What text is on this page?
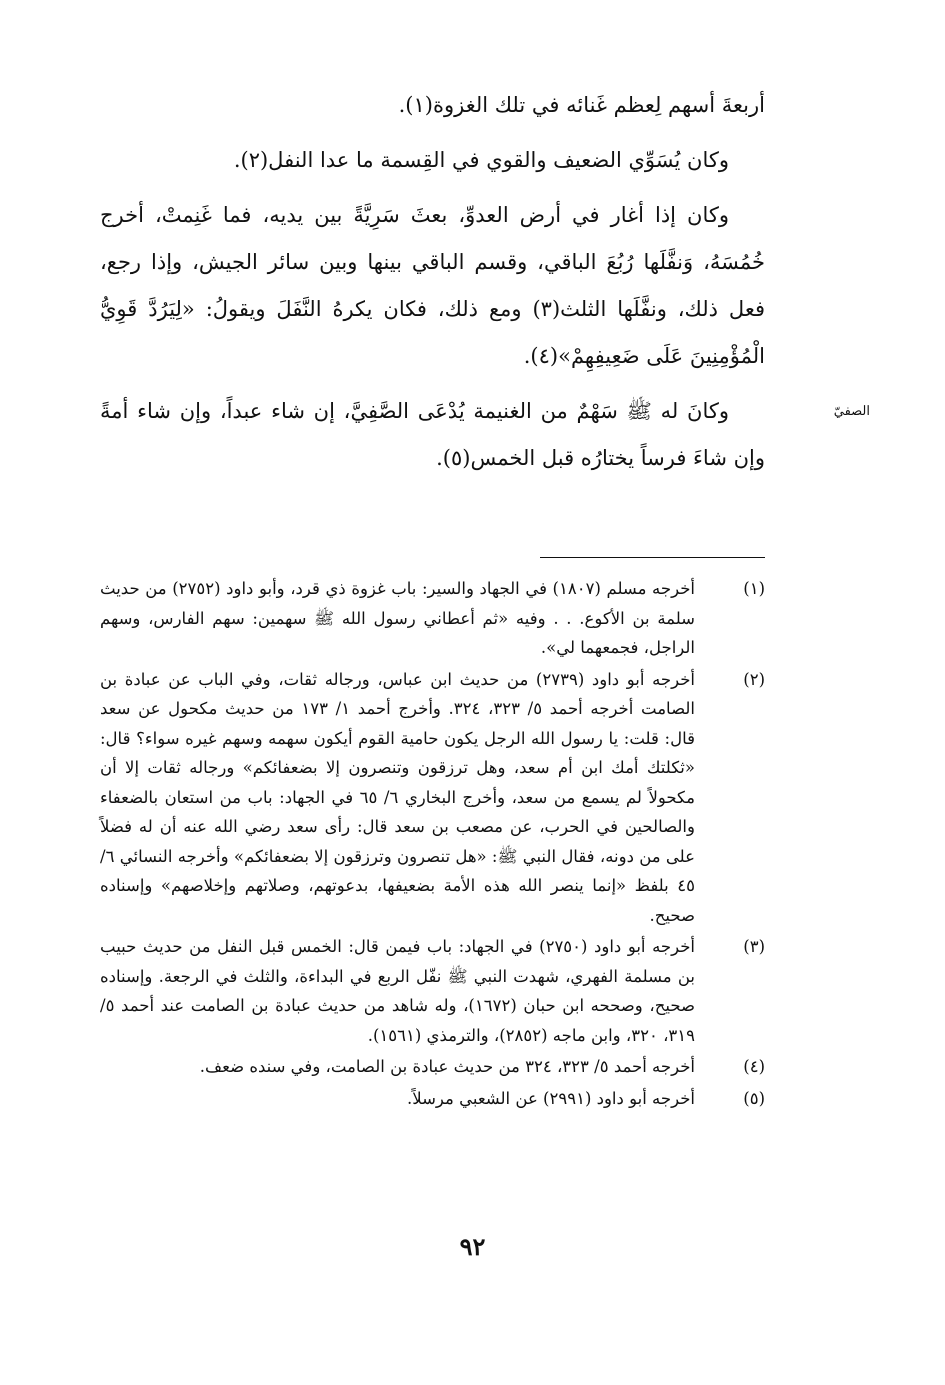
أربعةَ أسهم لِعظم غَنائه في تلك الغزوة(١).

وكان يُسَوِّي الضعيف والقوي في القِسمة ما عدا النفل(٢).

وكان إذا أغار في أرض العدوِّ، بعثَ سَرِيَّةً بين يديه، فما غَنِمتْ، أخرج خُمُسَهُ، وَنفَّلَها رُبُعَ الباقي، وقسم الباقي بينها وبين سائر الجيش، وإذا رجع، فعل ذلك، ونفَّلَها الثلث(٣) ومع ذلك، فكان يكرهُ النَّفَلَ ويقولُ: «لِيَرُدَّ قَوِيُّ الْمُؤْمِنِينَ عَلَى ضَعِيفِهِمْ»(٤).

وكانَ له ﷺ سَهْمٌ من الغنيمة يُدْعَى الصَّفِيَّ، إن شاء عبداً، وإن شاء أمةً وإن شاءَ فرساً يختارُه قبل الخمس(٥).

الصفيّ
(١)
أخرجه مسلم (١٨٠٧) في الجهاد والسير: باب غزوة ذي قرد، وأبو داود (٢٧٥٢) من حديث سلمة بن الأكوع. . . وفيه «ثم أعطاني رسول الله ﷺ سهمين: سهم الفارس، وسهم الراجل، فجمعهما لي».
(٢)
أخرجه أبو داود (٢٧٣٩) من حديث ابن عباس، ورجاله ثقات، وفي الباب عن عبادة بن الصامت أخرجه أحمد ٥/ ٣٢٣، ٣٢٤. وأخرج أحمد ١/ ١٧٣ من حديث مكحول عن سعد قال: قلت: يا رسول الله الرجل يكون حامية القوم أيكون سهمه وسهم غيره سواء؟ قال: «ثكلتك أمك ابن أم سعد، وهل ترزقون وتنصرون إلا بضعفائكم» ورجاله ثقات إلا أن مكحولاً لم يسمع من سعد، وأخرج البخاري ٦/ ٦٥ في الجهاد: باب من استعان بالضعفاء والصالحين في الحرب، عن مصعب بن سعد قال: رأى سعد رضي الله عنه أن له فضلاً على من دونه، فقال النبي ﷺ: «هل تنصرون وترزقون إلا بضعفائكم» وأخرجه النسائي ٦/ ٤٥ بلفظ «إنما ينصر الله هذه الأمة بضعيفها، بدعوتهم، وصلاتهم وإخلاصهم» وإسناده صحيح.
(٣)
أخرجه أبو داود (٢٧٥٠) في الجهاد: باب فيمن قال: الخمس قبل النفل من حديث حبيب بن مسلمة الفهري، شهدت النبي ﷺ نفّل الربع في البداءة، والثلث في الرجعة. وإسناده صحيح، وصححه ابن حبان (١٦٧٢)، وله شاهد من حديث عبادة بن الصامت عند أحمد ٥/ ٣١٩، ٣٢٠، وابن ماجه (٢٨٥٢)، والترمذي (١٥٦١).
(٤)
أخرجه أحمد ٥/ ٣٢٣، ٣٢٤ من حديث عبادة بن الصامت، وفي سنده ضعف.
(٥)
أخرجه أبو داود (٢٩٩١) عن الشعبي مرسلاً.
٩٢
